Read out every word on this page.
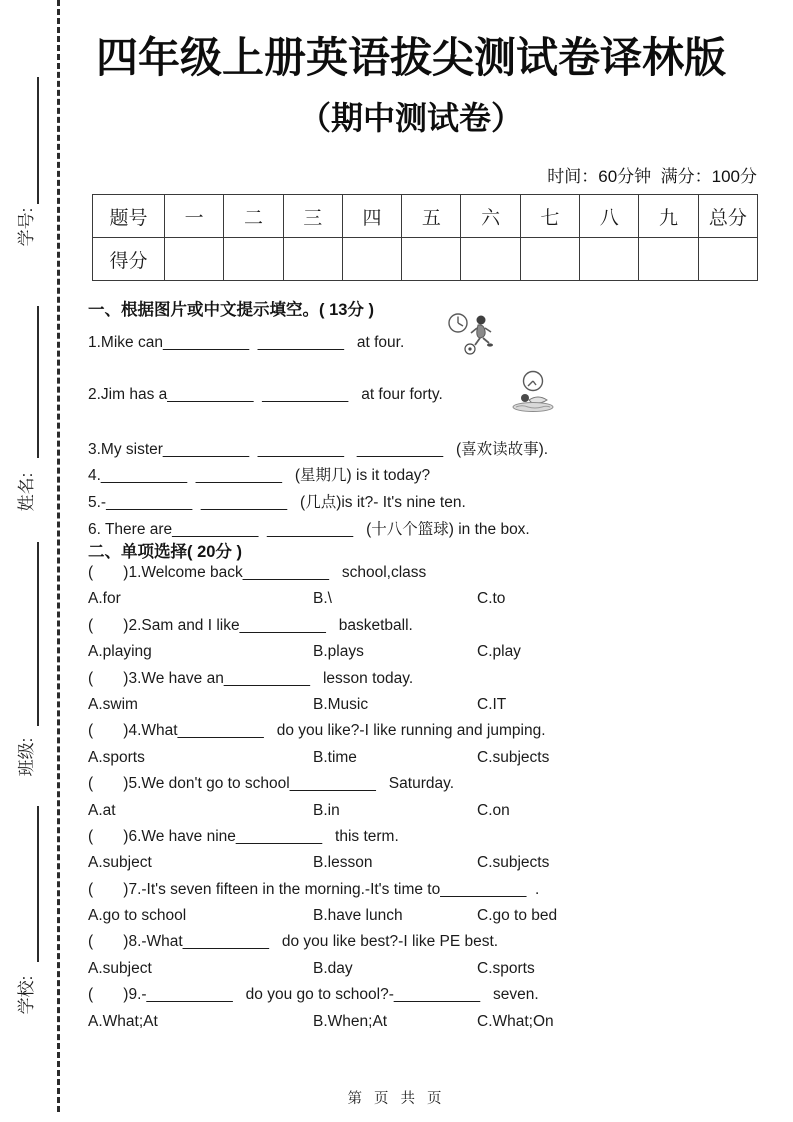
学号:
姓名:
班级:
学校:
四年级上册英语拔尖测试卷译林版
（期中测试卷）
时间：60分钟  满分：100分
题号	一	二	三	四	五	六	七	八	九	总分
得分										
一、根据图片或中文提示填空。( 13分 )
1.Mike can__________  __________   at four.
2.Jim has a__________  __________   at four forty.
3.My sister__________  __________   __________   (喜欢读故事).
4.__________  __________   (星期几) is it today?
5.-__________  __________   (几点)is it?- It's nine ten.
6. There are__________  __________   (十八个篮球) in the box.
二、单项选择( 20分 )
(       )1.Welcome back__________   school,class
A.for	B.\	C.to
(       )2.Sam and I like__________   basketball.
A.playing	B.plays	C.play
(       )3.We have an__________   lesson today.
A.swim	B.Music	C.IT
(       )4.What__________   do you like?-I like running and jumping.
A.sports	B.time	C.subjects
(       )5.We don't go to school__________   Saturday.
A.at	B.in	C.on
(       )6.We have nine__________   this term.
A.subject	B.lesson	C.subjects
(       )7.-It's seven fifteen in the morning.-It's time to__________  .
A.go to school	B.have lunch	C.go to bed
(       )8.-What__________   do you like best?-I like PE best.
A.subject	B.day	C.sports
(       )9.-__________   do you go to school?-__________   seven.
A.What;At	B.When;At	C.What;On
第 页 共 页
